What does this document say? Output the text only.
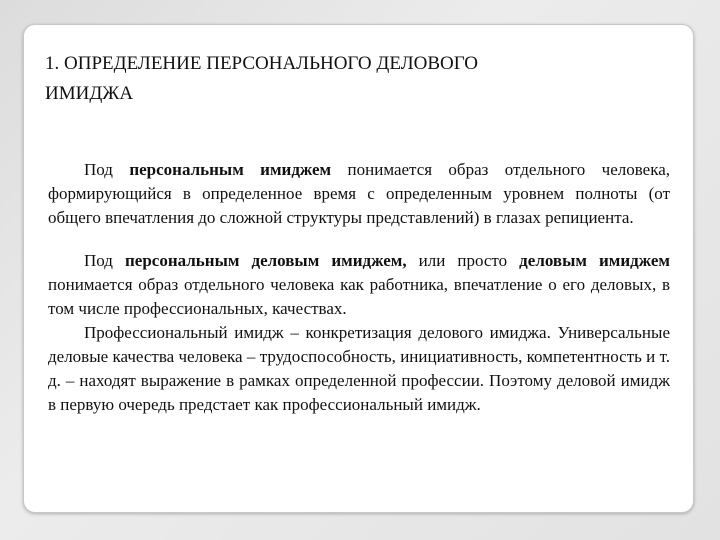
1. ОПРЕДЕЛЕНИЕ ПЕРСОНАЛЬНОГО ДЕЛОВОГО
ИМИДЖА

Под персональным имиджем понимается образ отдельного человека, формирующийся в определенное время с определенным уровнем полноты (от общего впечатления до сложной структуры представлений) в глазах репициента.

Под персональным деловым имиджем, или просто деловым имиджем понимается образ отдельного человека как работника, впечатление о его деловых, в том числе профессиональных, качествах.

Профессиональный имидж – конкретизация делового имиджа. Универсальные деловые качества человека – трудоспособность, инициативность, компетентность и т. д. – находят выражение в рамках определенной профессии. Поэтому деловой имидж в первую очередь предстает как профессиональный имидж.
